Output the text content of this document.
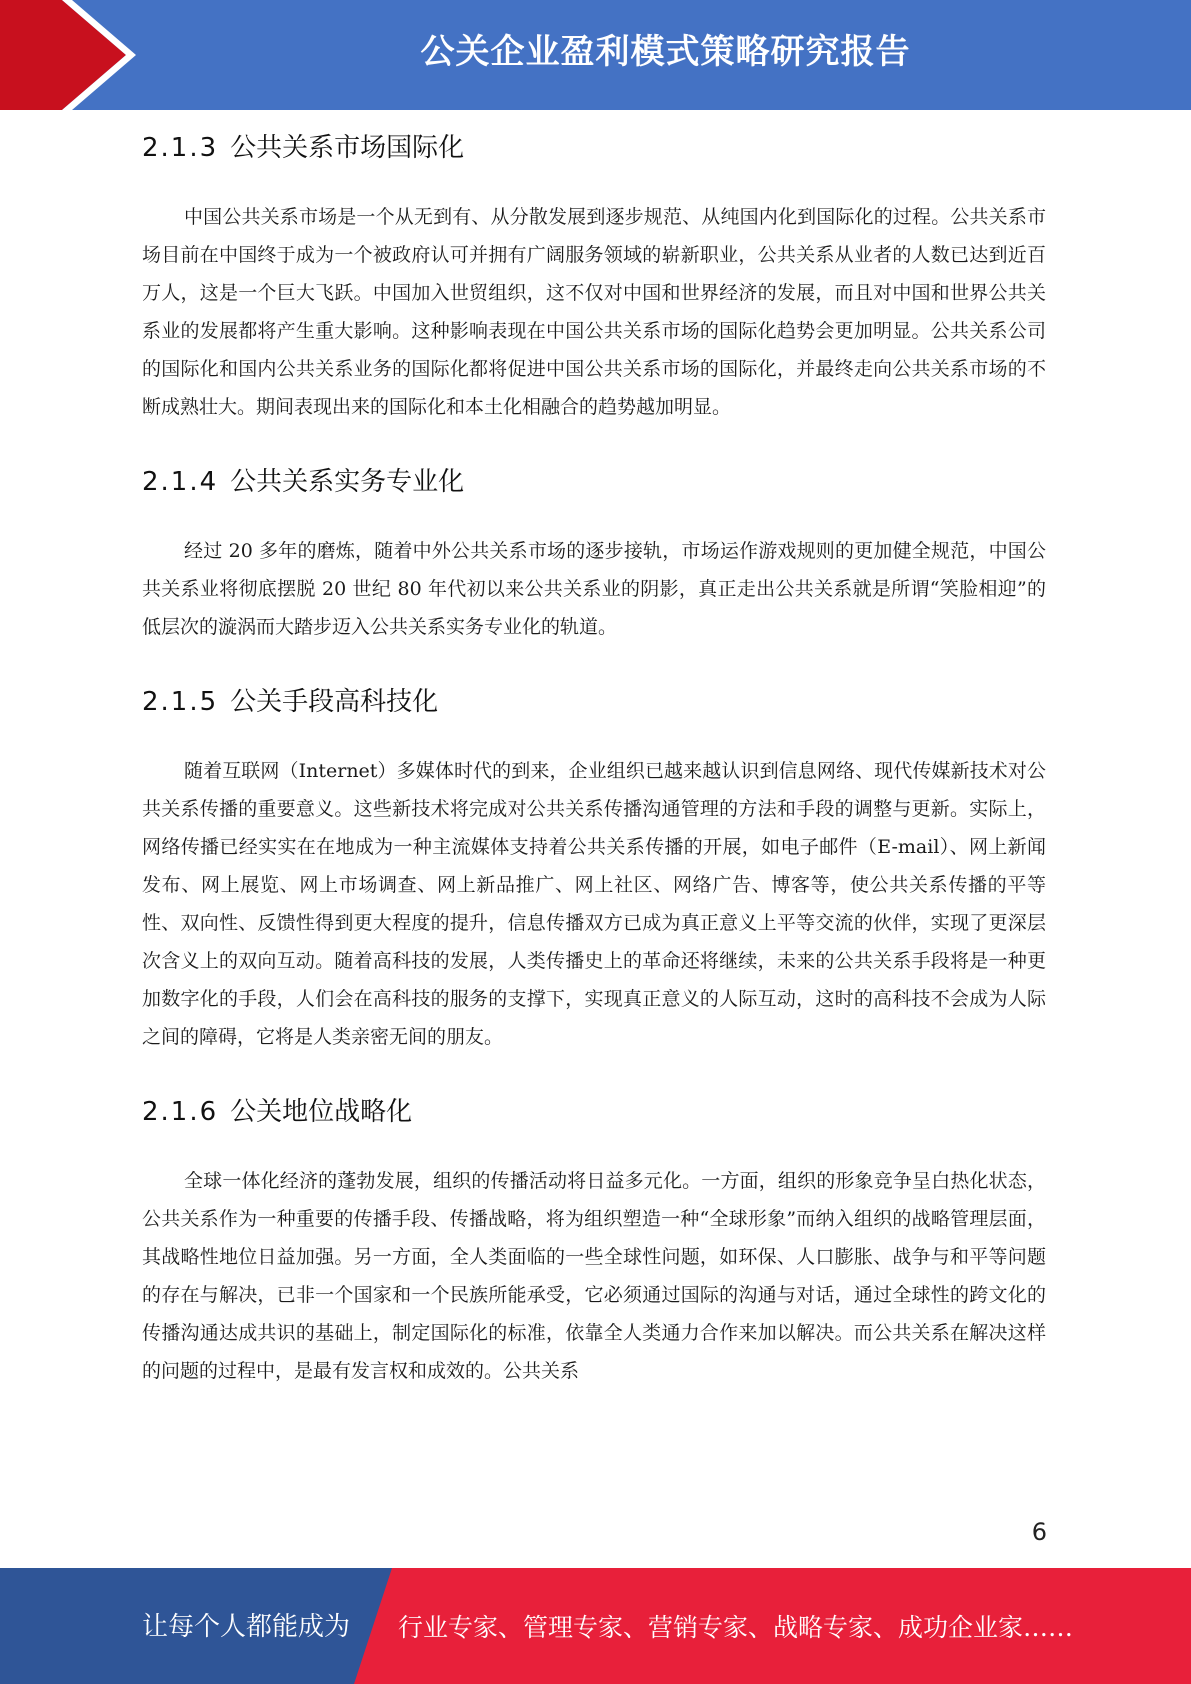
公关企业盈利模式策略研究报告
2.1.3 公共关系市场国际化

中国公共关系市场是一个从无到有、从分散发展到逐步规范、从纯国内化到国际化的过程。公共关系市场目前在中国终于成为一个被政府认可并拥有广阔服务领域的崭新职业，公共关系从业者的人数已达到近百万人，这是一个巨大飞跃。中国加入世贸组织，这不仅对中国和世界经济的发展，而且对中国和世界公共关系业的发展都将产生重大影响。这种影响表现在中国公共关系市场的国际化趋势会更加明显。公共关系公司的国际化和国内公共关系业务的国际化都将促进中国公共关系市场的国际化，并最终走向公共关系市场的不断成熟壮大。期间表现出来的国际化和本土化相融合的趋势越加明显。

2.1.4 公共关系实务专业化

经过 20 多年的磨炼，随着中外公共关系市场的逐步接轨，市场运作游戏规则的更加健全规范，中国公共关系业将彻底摆脱 20 世纪 80 年代初以来公共关系业的阴影，真正走出公共关系就是所谓“笑脸相迎”的低层次的漩涡而大踏步迈入公共关系实务专业化的轨道。

2.1.5 公关手段高科技化

随着互联网（Internet）多媒体时代的到来，企业组织已越来越认识到信息网络、现代传媒新技术对公共关系传播的重要意义。这些新技术将完成对公共关系传播沟通管理的方法和手段的调整与更新。实际上，网络传播已经实实在在地成为一种主流媒体支持着公共关系传播的开展，如电子邮件（E-mail）、网上新闻发布、网上展览、网上市场调查、网上新品推广、网上社区、网络广告、博客等，使公共关系传播的平等性、双向性、反馈性得到更大程度的提升，信息传播双方已成为真正意义上平等交流的伙伴，实现了更深层次含义上的双向互动。随着高科技的发展，人类传播史上的革命还将继续，未来的公共关系手段将是一种更加数字化的手段，人们会在高科技的服务的支撑下，实现真正意义的人际互动，这时的高科技不会成为人际之间的障碍，它将是人类亲密无间的朋友。

2.1.6 公关地位战略化

全球一体化经济的蓬勃发展，组织的传播活动将日益多元化。一方面，组织的形象竞争呈白热化状态，公共关系作为一种重要的传播手段、传播战略，将为组织塑造一种“全球形象”而纳入组织的战略管理层面，其战略性地位日益加强。另一方面，全人类面临的一些全球性问题，如环保、人口膨胀、战争与和平等问题的存在与解决，已非一个国家和一个民族所能承受，它必须通过国际的沟通与对话，通过全球性的跨文化的传播沟通达成共识的基础上，制定国际化的标准，依靠全人类通力合作来加以解决。而公共关系在解决这样的问题的过程中，是最有发言权和成效的。公共关系

6
让每个人都能成为 行业专家、管理专家、营销专家、战略专家、成功企业家……
